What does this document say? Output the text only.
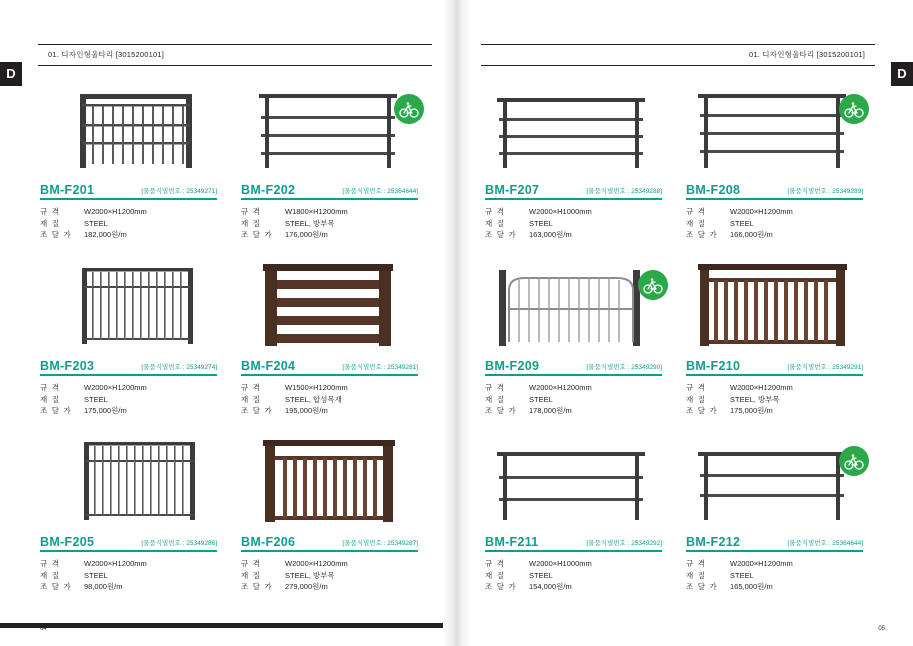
01. 디자인형울타리 [3015200101]
D
BM-F201	[물품식별번호 : 25349271]
규 격	W2000×H1200mm
재 질	STEEL
조 달 가	182,000원/m
BM-F202	[물품식별번호 : 25364644]
규 격	W1800×H1200mm
재 질	STEEL, 방부목
조 달 가	176,000원/m
BM-F203	[물품식별번호 : 25349274]
규 격	W2000×H1200mm
재 질	STEEL
조 달 가	175,000원/m
BM-F204	[물품식별번호 : 25349281]
규 격	W1500×H1200mm
재 질	STEEL, 합성목재
조 달 가	195,000원/m
BM-F205	[물품식별번호 : 25349286]
규 격	W2000×H1200mm
재 질	STEEL
조 달 가	98,000원/m
BM-F206	[물품식별번호 : 25349287]
규 격	W2000×H1200mm
재 질	STEEL, 방부목
조 달 가	279,000원/m
04
01. 디자인형울타리 [3015200101]
D
BM-F207	[물품식별번호 : 25349288]
규 격	W2000×H1000mm
재 질	STEEL
조 달 가	163,000원/m
BM-F208	[물품식별번호 : 25349289]
규 격	W2000×H1200mm
재 질	STEEL
조 달 가	166,000원/m
BM-F209	[물품식별번호 : 25349290]
규 격	W2000×H1200mm
재 질	STEEL
조 달 가	178,000원/m
BM-F210	[물품식별번호 : 25349291]
규 격	W2000×H1200mm
재 질	STEEL, 방부목
조 달 가	175,000원/m
BM-F211	[물품식별번호 : 25349292]
규 격	W2000×H1000mm
재 질	STEEL
조 달 가	154,000원/m
BM-F212	[물품식별번호 : 25364644]
규 격	W2000×H1200mm
재 질	STEEL
조 달 가	165,000원/m
05
